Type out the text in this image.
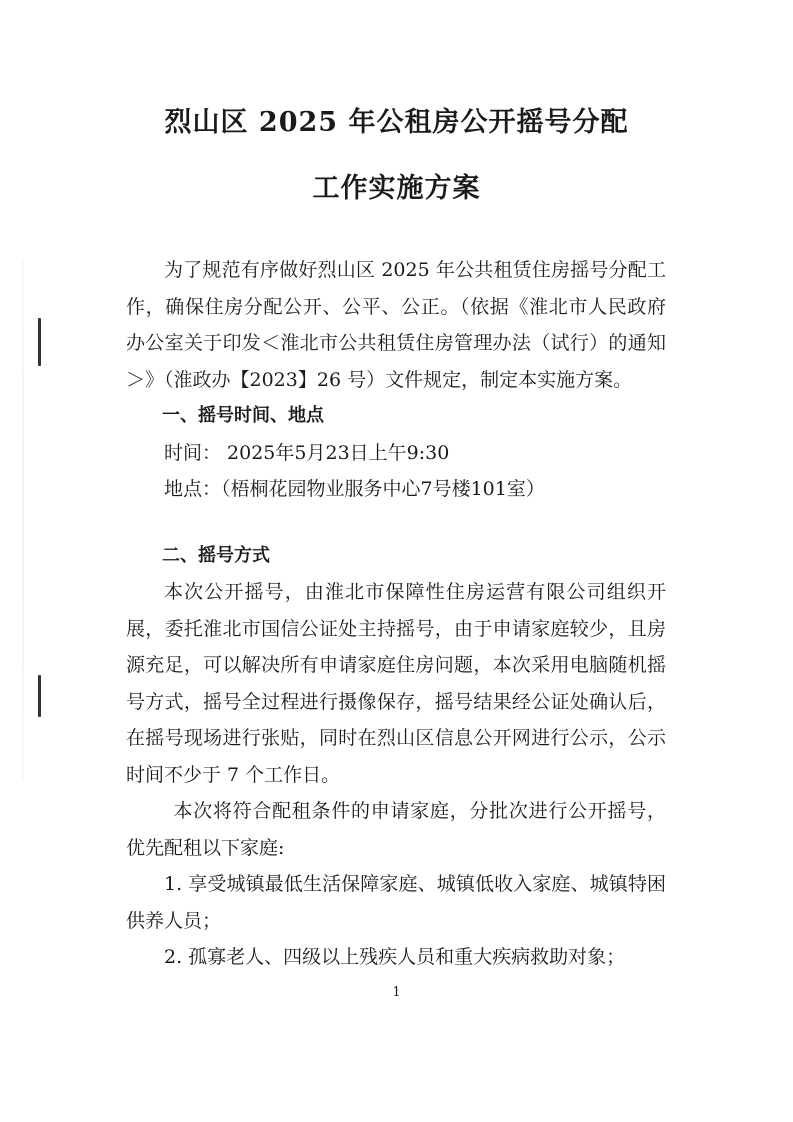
烈山区 2025 年公租房公开摇号分配
工作实施方案
为了规范有序做好烈山区 2025 年公共租赁住房摇号分配工作，确保住房分配公开、公平、公正。（依据《淮北市人民政府办公室关于印发＜淮北市公共租赁住房管理办法（试行）的通知＞》（淮政办【2023】26 号）文件规定，制定本实施方案。
一、摇号时间、地点
时间： 2025年5月23日上午9:30
地点：（梧桐花园物业服务中心7号楼101室）
二、摇号方式
本次公开摇号，由淮北市保障性住房运营有限公司组织开展，委托淮北市国信公证处主持摇号，由于申请家庭较少，且房源充足，可以解决所有申请家庭住房问题，本次采用电脑随机摇号方式，摇号全过程进行摄像保存，摇号结果经公证处确认后，在摇号现场进行张贴，同时在烈山区信息公开网进行公示，公示时间不少于 7 个工作日。
本次将符合配租条件的申请家庭，分批次进行公开摇号，优先配租以下家庭:
1. 享受城镇最低生活保障家庭、城镇低收入家庭、城镇特困供养人员；
2. 孤寡老人、四级以上残疾人员和重大疾病救助对象；
1
